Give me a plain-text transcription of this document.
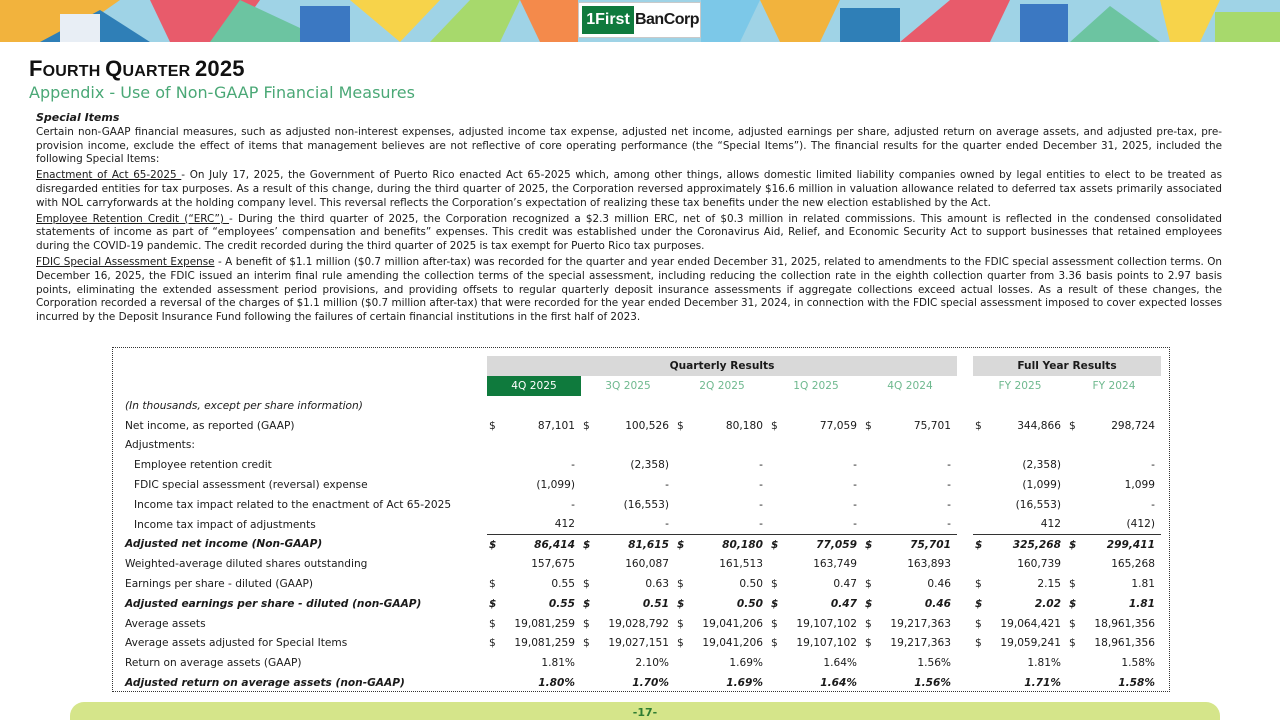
1First BanCorp
FOURTH QUARTER 2025
Appendix - Use of Non-GAAP Financial Measures
Special Items

Certain non-GAAP financial measures, such as adjusted non-interest expenses, adjusted income tax expense, adjusted net income, adjusted earnings per share, adjusted return on average assets, and adjusted pre-tax, pre-provision income, exclude the effect of items that management believes are not reflective of core operating performance (the “Special Items”). The financial results for the quarter ended December 31, 2025, included the following Special Items:

Enactment of Act 65-2025 - On July 17, 2025, the Government of Puerto Rico enacted Act 65-2025 which, among other things, allows domestic limited liability companies owned by legal entities to elect to be treated as disregarded entities for tax purposes. As a result of this change, during the third quarter of 2025, the Corporation reversed approximately $16.6 million in valuation allowance related to deferred tax assets primarily associated with NOL carryforwards at the holding company level. This reversal reflects the Corporation’s expectation of realizing these tax benefits under the new election established by the Act.

Employee Retention Credit (“ERC”) - During the third quarter of 2025, the Corporation recognized a $2.3 million ERC, net of $0.3 million in related commissions. This amount is reflected in the condensed consolidated statements of income as part of “employees’ compensation and benefits” expenses. This credit was established under the Coronavirus Aid, Relief, and Economic Security Act to support businesses that retained employees during the COVID-19 pandemic. The credit recorded during the third quarter of 2025 is tax exempt for Puerto Rico tax purposes.

FDIC Special Assessment Expense - A benefit of $1.1 million ($0.7 million after-tax) was recorded for the quarter and year ended December 31, 2025, related to amendments to the FDIC special assessment collection terms. On December 16, 2025, the FDIC issued an interim final rule amending the collection terms of the special assessment, including reducing the collection rate in the eighth collection quarter from 3.36 basis points to 2.97 basis points, eliminating the extended assessment period provisions, and providing offsets to regular quarterly deposit insurance assessments if aggregate collections exceed actual losses. As a result of these changes, the Corporation recorded a reversal of the charges of $1.1 million ($0.7 million after-tax) that were recorded for the year ended December 31, 2024, in connection with the FDIC special assessment imposed to cover expected losses incurred by the Deposit Insurance Fund following the failures of certain financial institutions in the first half of 2023.

	Quarterly Results											Full Year Results			
	4Q 2025		3Q 2025		2Q 2025		1Q 2025		4Q 2024			FY 2025		FY 2024	
(In thousands, except per share information)															
Net income, as reported (GAAP)	$	87,101	$	100,526	$	80,180	$	77,059	$	75,701		$	344,866	$	298,724
Adjustments:															
Employee retention credit		-		(2,358)		-		-		-			(2,358)		-
FDIC special assessment (reversal) expense		(1,099)		-		-		-		-			(1,099)		1,099
Income tax impact related to the enactment of Act 65-2025		-		(16,553)		-		-		-			(16,553)		-
Income tax impact of adjustments		412		-		-		-		-			412		(412)
Adjusted net income (Non-GAAP)	$	86,414	$	81,615	$	80,180	$	77,059	$	75,701		$	325,268	$	299,411
Weighted-average diluted shares outstanding		157,675		160,087		161,513		163,749		163,893			160,739		165,268
Earnings per share - diluted (GAAP)	$	0.55	$	0.63	$	0.50	$	0.47	$	0.46		$	2.15	$	1.81
Adjusted earnings per share - diluted (non-GAAP)	$	0.55	$	0.51	$	0.50	$	0.47	$	0.46		$	2.02	$	1.81
Average assets	$	19,081,259	$	19,028,792	$	19,041,206	$	19,107,102	$	19,217,363		$	19,064,421	$	18,961,356
Average assets adjusted for Special Items	$	19,081,259	$	19,027,151	$	19,041,206	$	19,107,102	$	19,217,363		$	19,059,241	$	18,961,356
Return on average assets (GAAP)		1.81%		2.10%		1.69%		1.64%		1.56%			1.81%		1.58%
Adjusted return on average assets (non-GAAP)		1.80%		1.70%		1.69%		1.64%		1.56%			1.71%		1.58%
-17-
